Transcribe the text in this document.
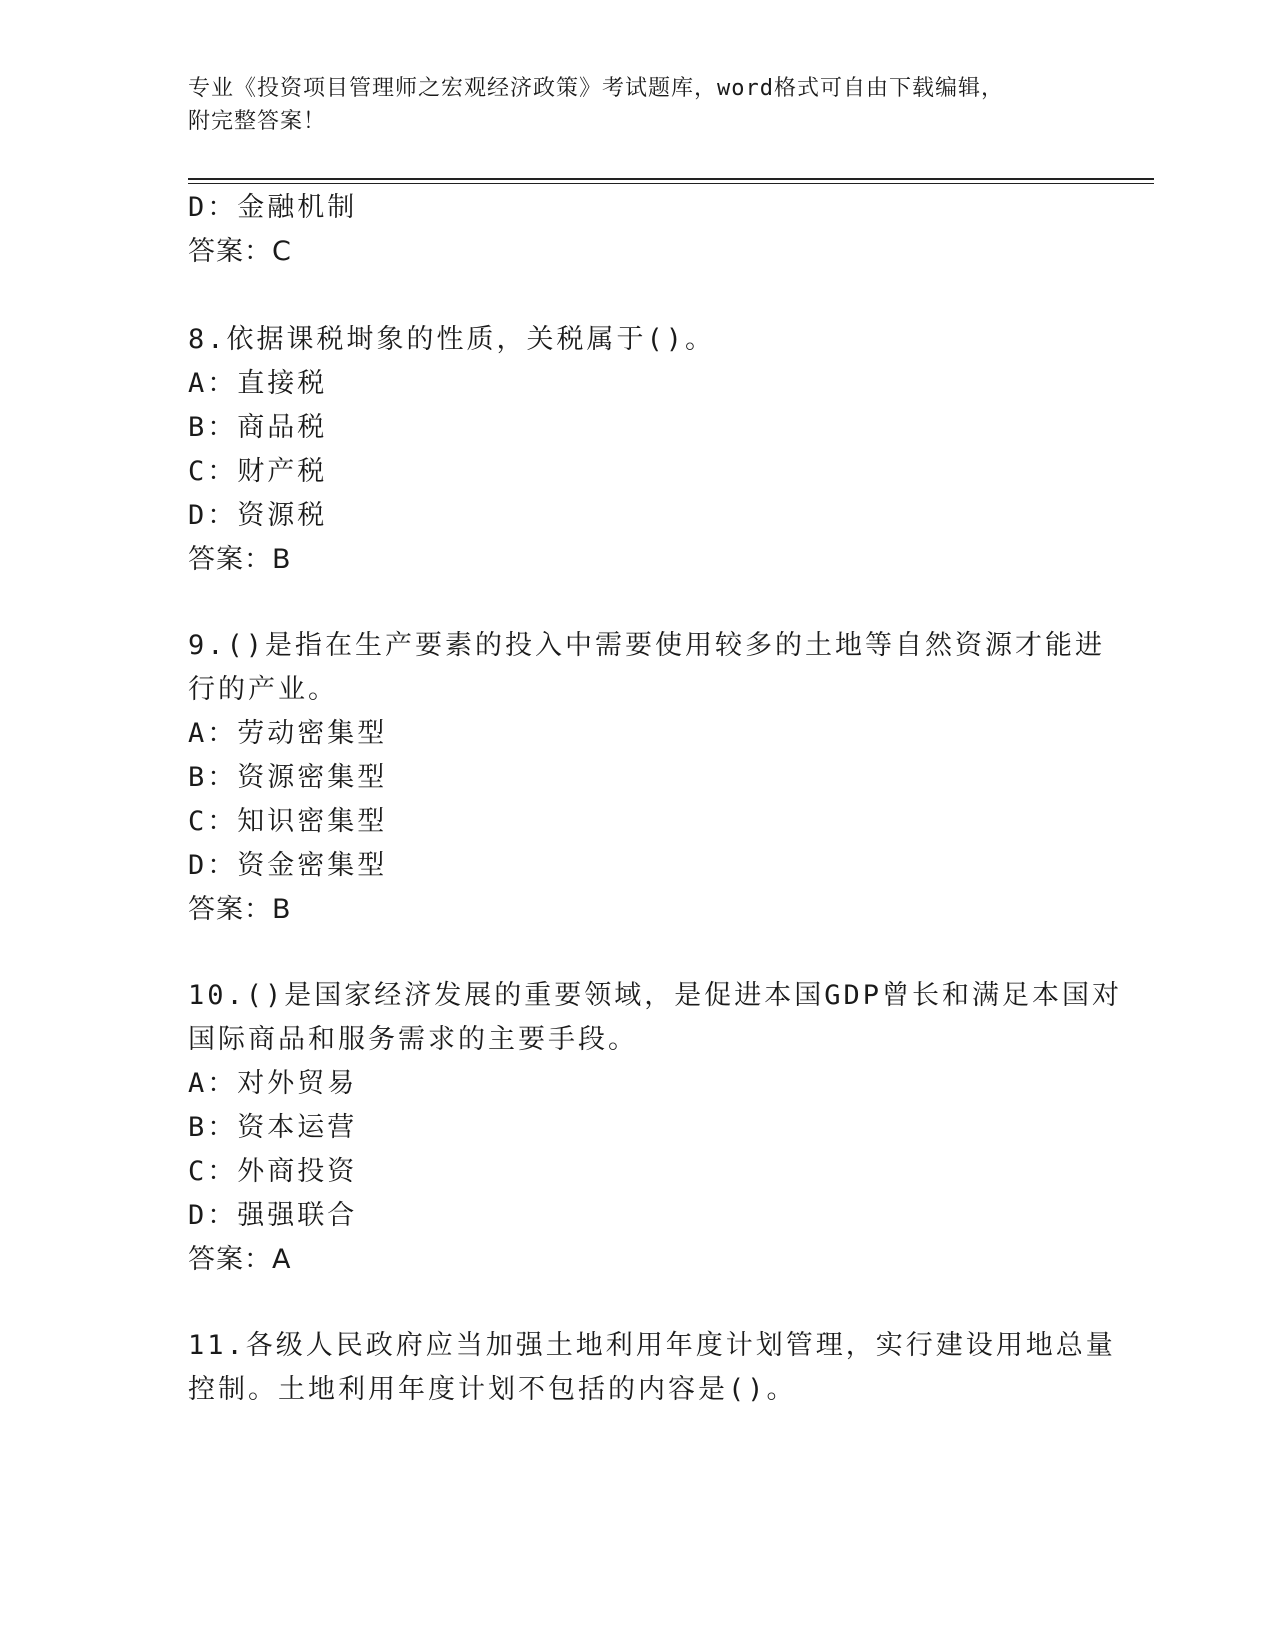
专业《投资项目管理师之宏观经济政策》考试题库，word格式可自由下载编辑，
附完整答案！
D：金融机制
答案：C
8.依据课税埘象的性质，关税属于()。
A：直接税
B：商品税
C：财产税
D：资源税
答案：B
9.()是指在生产要素的投入中需要使用较多的土地等自然资源才能进
行的产业。
A：劳动密集型
B：资源密集型
C：知识密集型
D：资金密集型
答案：B
10.()是国家经济发展的重要领域，是促进本国GDP曾长和满足本国对
国际商品和服务需求的主要手段。
A：对外贸易
B：资本运营
C：外商投资
D：强强联合
答案：A
11.各级人民政府应当加强土地利用年度计划管理，实行建设用地总量
控制。土地利用年度计划不包括的内容是()。
